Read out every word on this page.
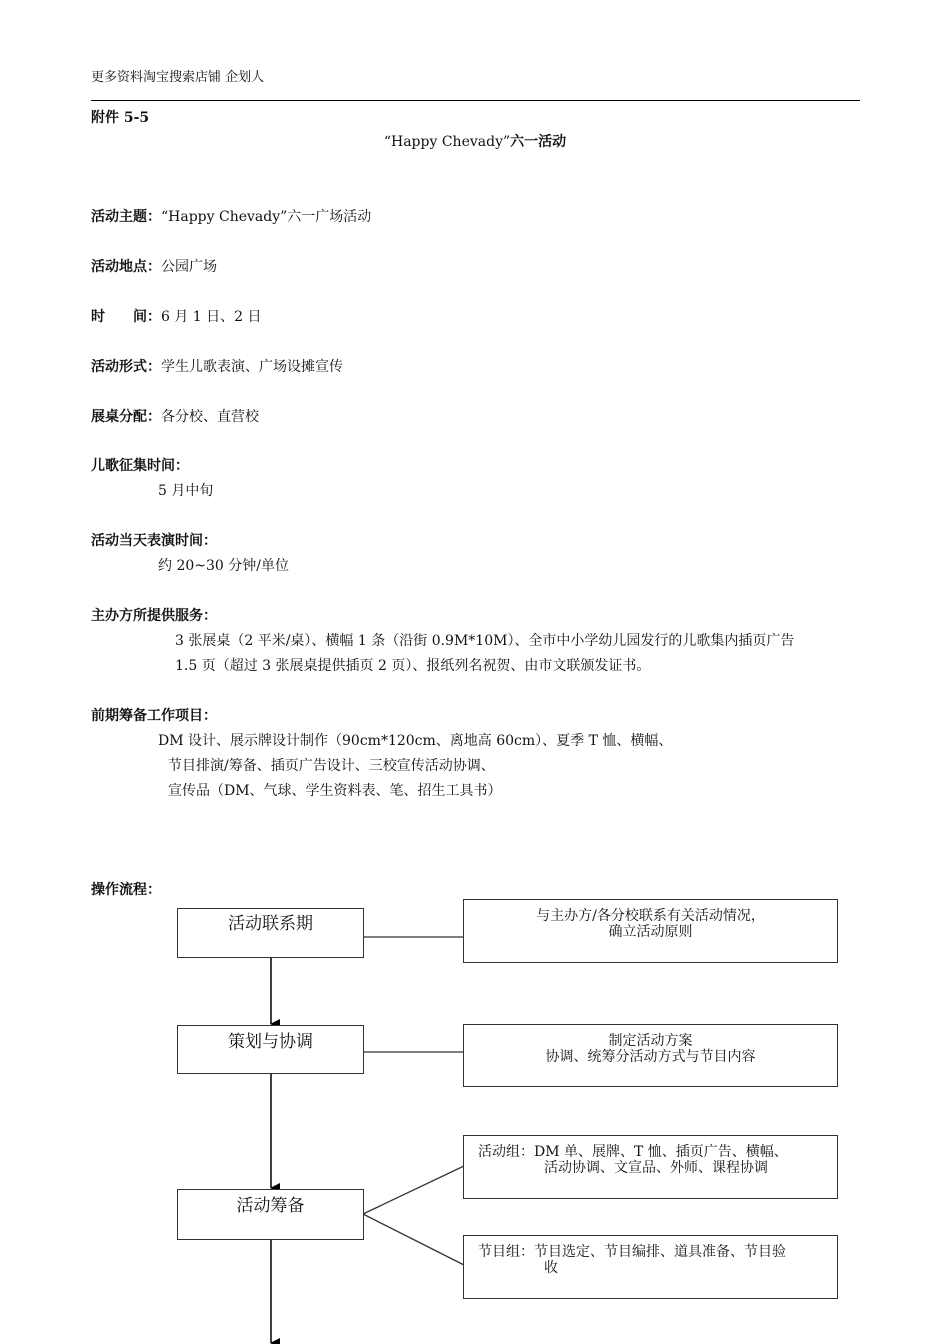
更多资料淘宝搜索店铺 企划人
附件 5-5
“Happy Chevady”六一活动
活动主题：“Happy Chevady”六一广场活动
活动地点：公园广场
时　　间：6 月 1 日、2 日
活动形式：学生儿歌表演、广场设摊宣传
展桌分配：各分校、直营校
儿歌征集时间：
5 月中旬
活动当天表演时间：
约 20~30 分钟/单位
主办方所提供服务：
3 张展桌（2 平米/桌）、横幅 1 条（沿街 0.9M*10M）、全市中小学幼儿园发行的儿歌集内插页广告
1.5 页（超过 3 张展桌提供插页 2 页）、报纸列名祝贺、由市文联颁发证书。
前期筹备工作项目：
DM 设计、展示牌设计制作（90cm*120cm、离地高 60cm）、夏季 T 恤、横幅、
节目排演/筹备、插页广告设计、三校宣传活动协调、
宣传品（DM、气球、学生资料表、笔、招生工具书）
操作流程：
活动联系期	与主办方/各分校联系有关活动情况，
确立活动原则
策划与协调	制定活动方案
协调、统筹分活动方式与节目内容
活动筹备
活动组：DM 单、展牌、T 恤、插页广告、横幅、
活动协调、文宣品、外师、课程协调
节目组：节目选定、节目编排、道具准备、节目验
收
